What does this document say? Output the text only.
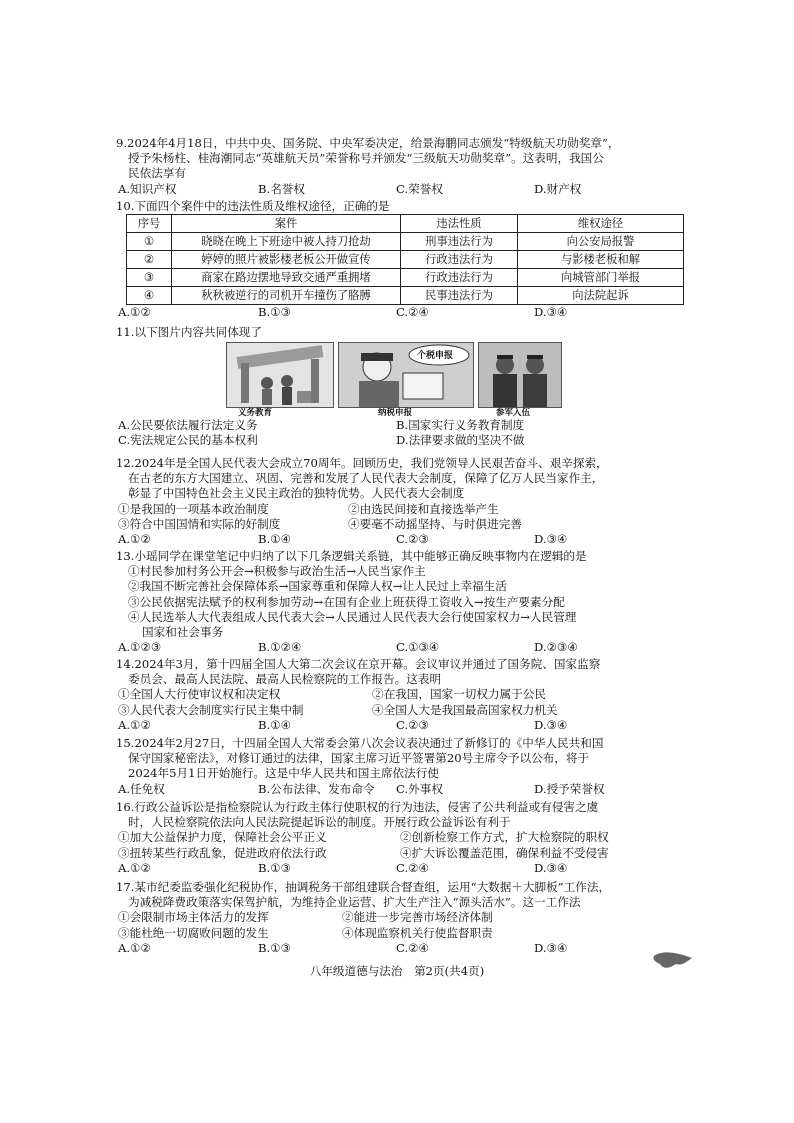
9.2024年4月18日，中共中央、国务院、中央军委决定，给景海鹏同志颁发“特级航天功勋奖章”，
授予朱杨柱、桂海潮同志“英雄航天员”荣誉称号并颁发“三级航天功勋奖章”。这表明，我国公
民依法享有
A.知识产权	B.名誉权	C.荣誉权	D.财产权
10.下面四个案件中的违法性质及维权途径，正确的是
序号	案件	违法性质	维权途径
①	晓晓在晚上下班途中被人持刀抢劫	刑事违法行为	向公安局报警
②	婷婷的照片被影楼老板公开做宣传	行政违法行为	与影楼老板和解
③	商家在路边摆地导致交通严重拥堵	行政违法行为	向城管部门举报
④	秋秋被逆行的司机开车撞伤了胳膊	民事违法行为	向法院起诉
A.①②	B.①③	C.②④	D.③④
11.以下图片内容共同体现了
义务教育
个税申报
纳税申报	参军入伍
A.公民要依法履行法定义务	B.国家实行义务教育制度
C.宪法规定公民的基本权利	D.法律要求做的坚决不做
12.2024年是全国人民代表大会成立70周年。回顾历史，我们党领导人民艰苦奋斗、艰辛探索，
在古老的东方大国建立、巩固、完善和发展了人民代表大会制度，保障了亿万人民当家作主，
彰显了中国特色社会主义民主政治的独特优势。人民代表大会制度
①是我国的一项基本政治制度	②由选民间接和直接选举产生
③符合中国国情和实际的好制度	④要毫不动摇坚持、与时俱进完善
A.①②	B.①④	C.②③	D.③④
13.小瑶同学在课堂笔记中归纳了以下几条逻辑关系链，其中能够正确反映事物内在逻辑的是
①村民参加村务公开会→积极参与政治生活→人民当家作主
②我国不断完善社会保障体系→国家尊重和保障人权→让人民过上幸福生活
③公民依据宪法赋予的权利参加劳动→在国有企业上班获得工资收入→按生产要素分配
④人民选举人大代表组成人民代表大会→人民通过人民代表大会行使国家权力→人民管理
国家和社会事务
A.①②③	B.①②④	C.①③④	D.②③④
14.2024年3月，第十四届全国人大第二次会议在京开幕。会议审议并通过了国务院、国家监察
委员会、最高人民法院、最高人民检察院的工作报告。这表明
①全国人大行使审议权和决定权	②在我国，国家一切权力属于公民
③人民代表大会制度实行民主集中制	④全国人大是我国最高国家权力机关
A.①②	B.①④	C.②③	D.③④
15.2024年2月27日，十四届全国人大常委会第八次会议表决通过了新修订的《中华人民共和国
保守国家秘密法》，对修订通过的法律，国家主席习近平签署第20号主席令予以公布，将于
2024年5月1日开始施行。这是中华人民共和国主席依法行使
A.任免权	B.公布法律、发布命令 C.外事权	D.授予荣誉权
16.行政公益诉讼是指检察院认为行政主体行使职权的行为违法，侵害了公共利益或有侵害之虞
时，人民检察院依法向人民法院提起诉讼的制度。开展行政公益诉讼有利于
①加大公益保护力度，保障社会公平正义	②创新检察工作方式，扩大检察院的职权
③扭转某些行政乱象，促进政府依法行政	④扩大诉讼覆盖范围，确保利益不受侵害
A.①②	B.①③	C.②④	D.③④
17.某市纪委监委强化纪税协作，抽调税务干部组建联合督查组，运用“大数据＋大脚板”工作法，
为减税降费政策落实保驾护航，为维持企业运营、扩大生产注入“源头活水”。这一工作法
①会限制市场主体活力的发挥	②能进一步完善市场经济体制
③能杜绝一切腐败问题的发生	④体现监察机关行使监督职责
A.①②	B.①③	C.②④	D.③④
八年级道德与法治　第2页(共4页)
